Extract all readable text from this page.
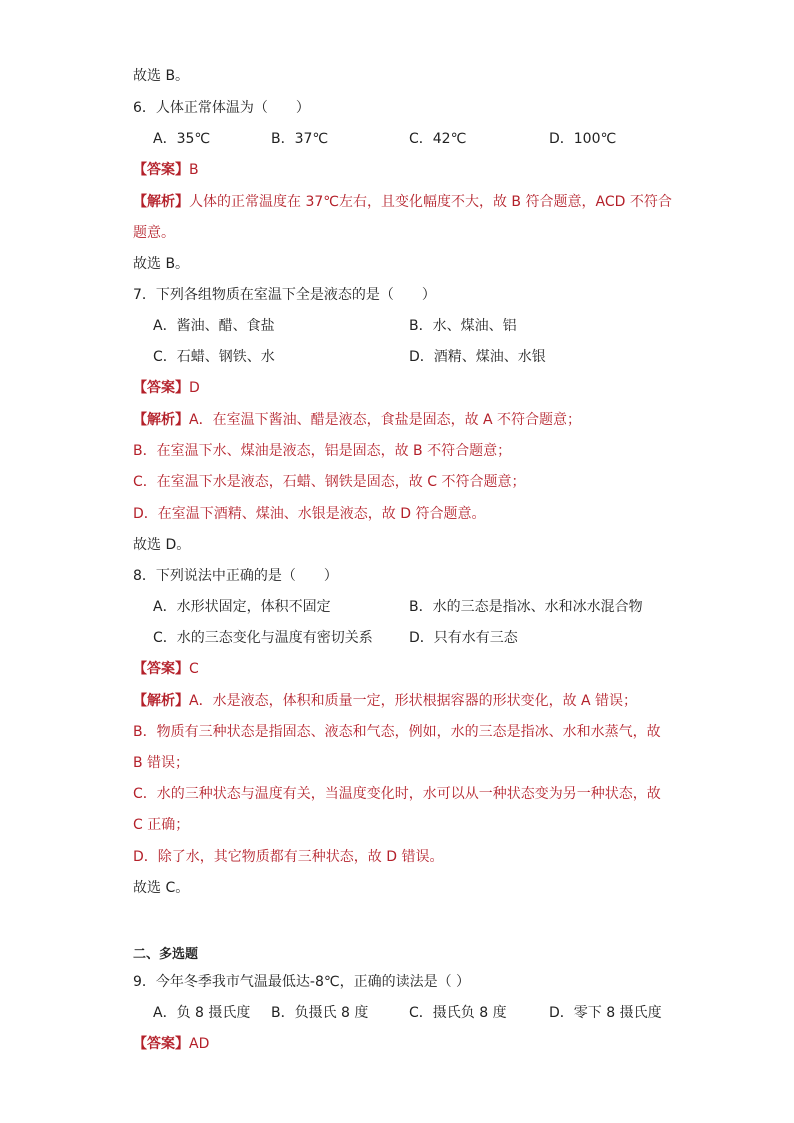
故选 B。
6．人体正常体温为（　　）
A．35℃	B．37℃	C．42℃	D．100℃
【答案】B
【解析】人体的正常温度在 37℃左右，且变化幅度不大，故 B 符合题意，ACD 不符合
题意。
故选 B。
7．下列各组物质在室温下全是液态的是（　　）
A．酱油、醋、食盐	B．水、煤油、铝
C．石蜡、钢铁、水	D．酒精、煤油、水银
【答案】D
【解析】A．在室温下酱油、醋是液态，食盐是固态，故 A 不符合题意；
B．在室温下水、煤油是液态，铝是固态，故 B 不符合题意；
C．在室温下水是液态，石蜡、钢铁是固态，故 C 不符合题意；
D．在室温下酒精、煤油、水银是液态，故 D 符合题意。
故选 D。
8．下列说法中正确的是（　　）
A．水形状固定，体积不固定	B．水的三态是指冰、水和冰水混合物
C．水的三态变化与温度有密切关系	D．只有水有三态
【答案】C
【解析】A．水是液态，体积和质量一定，形状根据容器的形状变化，故 A 错误；
B．物质有三种状态是指固态、液态和气态，例如，水的三态是指冰、水和水蒸气，故
B 错误；
C．水的三种状态与温度有关，当温度变化时，水可以从一种状态变为另一种状态，故
C 正确；
D．除了水，其它物质都有三种状态，故 D 错误。
故选 C。
二、多选题
9．今年冬季我市气温最低达-8℃，正确的读法是（ ）
A．负 8 摄氏度 B．负摄氏 8 度	C．摄氏负 8 度	D．零下 8 摄氏度
【答案】AD
